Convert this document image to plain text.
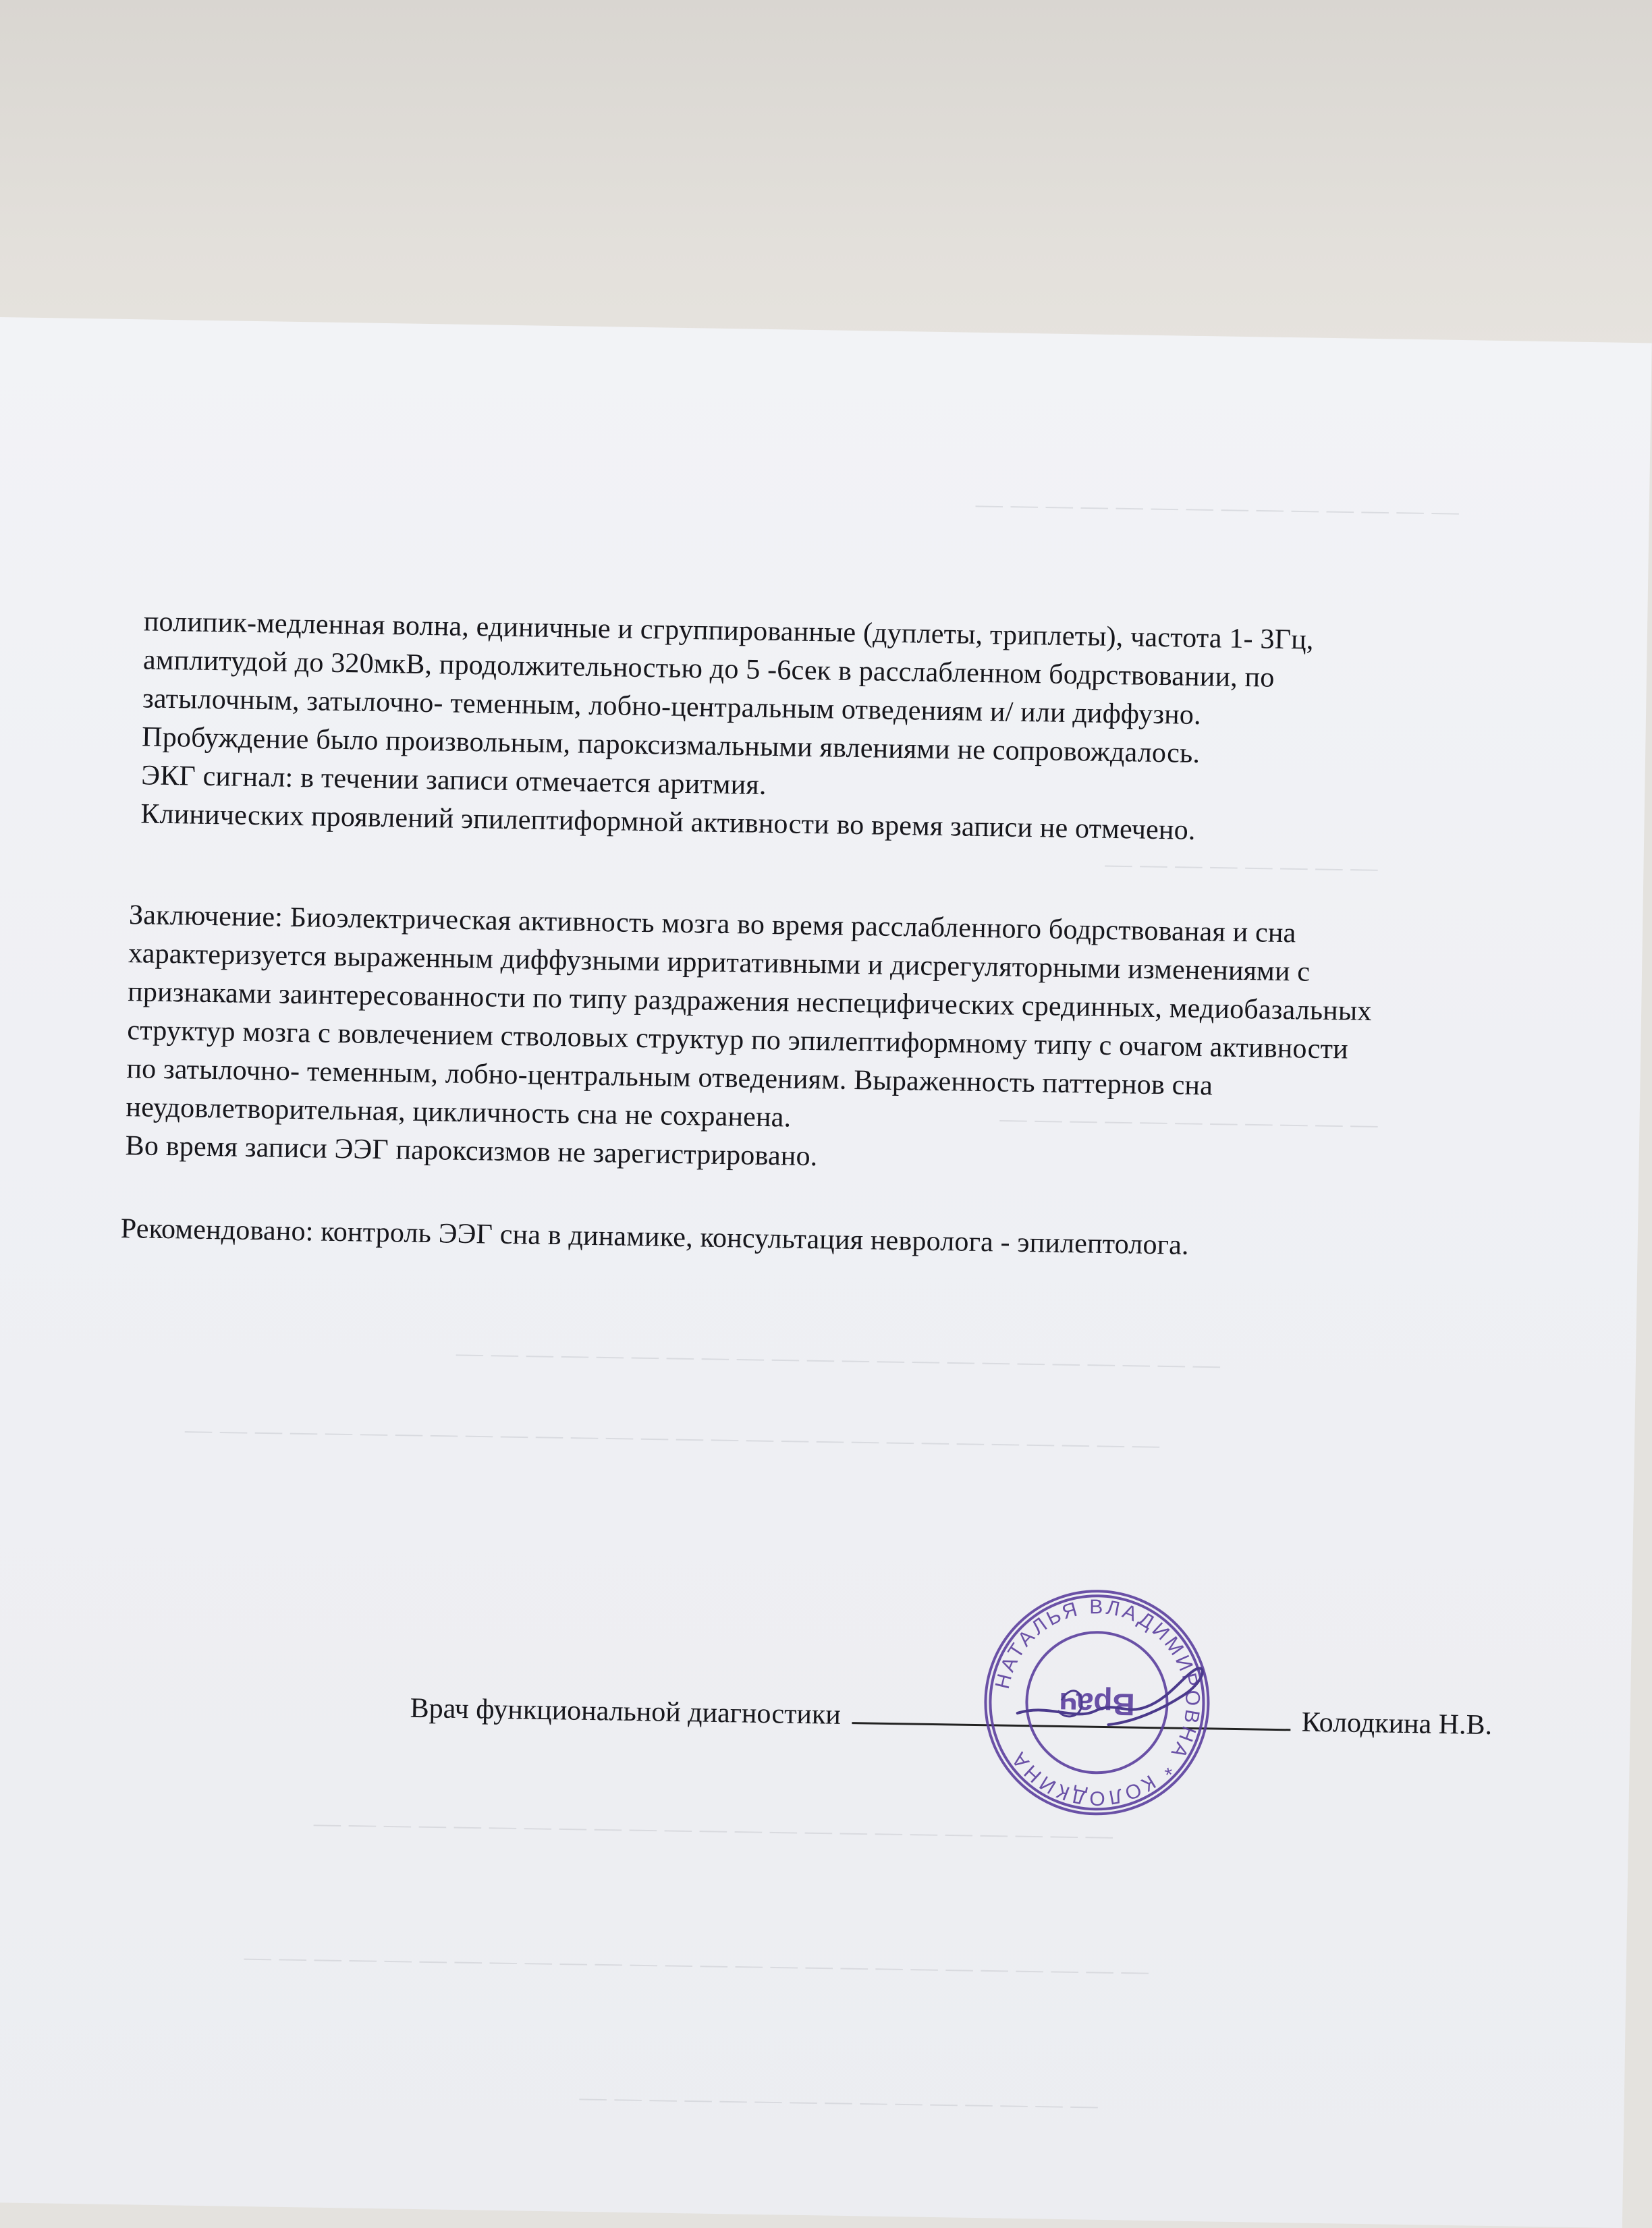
— — — — — — — — — — — — — —
— — — — — — — —
— — — — — — — — — — —
— — — — — — — — — — — — — — — — — — — — — —
— — — — — — — — — — — — — — — — — — — — — — — — — — — —
— — — — — — — — — — — — — — — — — — — — — — —
— — — — — — — — — — — — — — — — — — — — — — — — — —
— — — — — — — — — — — — — — —
полипик-медленная волна, единичные и сгруппированные (дуплеты, триплеты), частота 1- 3Гц,
амплитудой до 320мкВ, продолжительностью до 5 -6сек в расслабленном бодрствовании, по
затылочным, затылочно- теменным, лобно-центральным отведениям и/ или диффузно.
Пробуждение было произвольным, пароксизмальными явлениями не сопровождалось.
ЭКГ сигнал: в течении записи отмечается аритмия.
Клинических проявлений эпилептиформной активности во время записи не отмечено.
Заключение: Биоэлектрическая активность мозга во время расслабленного бодрствованая и сна
характеризуется выраженным диффузными ирритативными и дисрегуляторными изменениями с
признаками заинтересованности по типу раздражения неспецифических срединных, медиобазальных
структур мозга с вовлечением стволовых структур по эпилептиформному типу с очагом активности
по затылочно- теменным, лобно-центральным отведениям. Выраженность паттернов сна
неудовлетворительная, цикличность сна не сохранена.
Во время записи ЭЭГ пароксизмов не зарегистрировано.
Рекомендовано: контроль ЭЭГ сна в динамике, консультация невролога - эпилептолога.
Врач функциональной диагностики	Колодкина Н.В.
НАТАЛЬЯ ВЛАДИМИРОВНА * КОЛОДКИНА
Врач
